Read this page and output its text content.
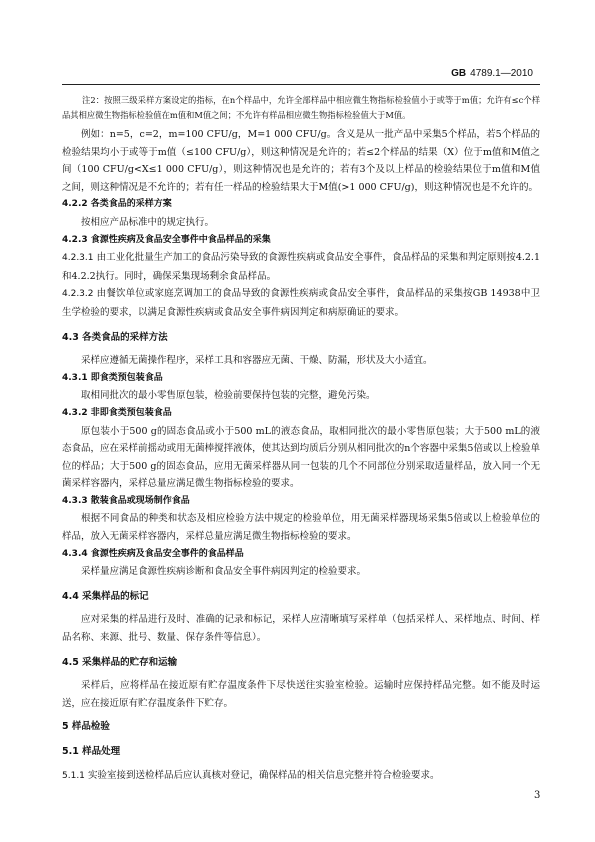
GB 4789.1—2010

注2：按照三级采样方案设定的指标，在n个样品中，允许全部样品中相应微生物指标检验值小于或等于m值；允许有≤c个样品其相应微生物指标检验值在m值和M值之间；不允许有样品相应微生物指标检验值大于M值。

例如：n=5，c=2，m=100 CFU/g，M=1 000 CFU/g。含义是从一批产品中采集5个样品，若5个样品的检验结果均小于或等于m值（≤100 CFU/g），则这种情况是允许的；若≤2个样品的结果（X）位于m值和M值之间（100 CFU/g<X≤1 000 CFU/g），则这种情况也是允许的；若有3个及以上样品的检验结果位于m值和M值之间，则这种情况是不允许的；若有任一样品的检验结果大于M值(>1 000 CFU/g)，则这种情况也是不允许的。

4.2.2 各类食品的采样方案

按相应产品标准中的规定执行。

4.2.3 食源性疾病及食品安全事件中食品样品的采集

4.2.3.1 由工业化批量生产加工的食品污染导致的食源性疾病或食品安全事件，食品样品的采集和判定原则按4.2.1和4.2.2执行。同时，确保采集现场剩余食品样品。

4.2.3.2 由餐饮单位或家庭烹调加工的食品导致的食源性疾病或食品安全事件，食品样品的采集按GB 14938中卫生学检验的要求，以满足食源性疾病或食品安全事件病因判定和病原确证的要求。

4.3 各类食品的采样方法

采样应遵循无菌操作程序，采样工具和容器应无菌、干燥、防漏，形状及大小适宜。

4.3.1 即食类预包装食品

取相同批次的最小零售原包装，检验前要保持包装的完整，避免污染。

4.3.2 非即食类预包装食品

原包装小于500 g的固态食品或小于500 mL的液态食品，取相同批次的最小零售原包装；大于500 mL的液态食品，应在采样前摇动或用无菌棒搅拌液体，使其达到均质后分别从相同批次的n个容器中采集5倍或以上检验单位的样品；大于500 g的固态食品，应用无菌采样器从同一包装的几个不同部位分别采取适量样品，放入同一个无菌采样容器内，采样总量应满足微生物指标检验的要求。

4.3.3 散装食品或现场制作食品

根据不同食品的种类和状态及相应检验方法中规定的检验单位，用无菌采样器现场采集5倍或以上检验单位的样品，放入无菌采样容器内，采样总量应满足微生物指标检验的要求。

4.3.4 食源性疾病及食品安全事件的食品样品

采样量应满足食源性疾病诊断和食品安全事件病因判定的检验要求。

4.4 采集样品的标记

应对采集的样品进行及时、准确的记录和标记，采样人应清晰填写采样单（包括采样人、采样地点、时间、样品名称、来源、批号、数量、保存条件等信息）。

4.5 采集样品的贮存和运输

采样后，应将样品在接近原有贮存温度条件下尽快送往实验室检验。运输时应保持样品完整。如不能及时运送，应在接近原有贮存温度条件下贮存。

5 样品检验

5.1 样品处理

5.1.1 实验室接到送检样品后应认真核对登记，确保样品的相关信息完整并符合检验要求。

3
